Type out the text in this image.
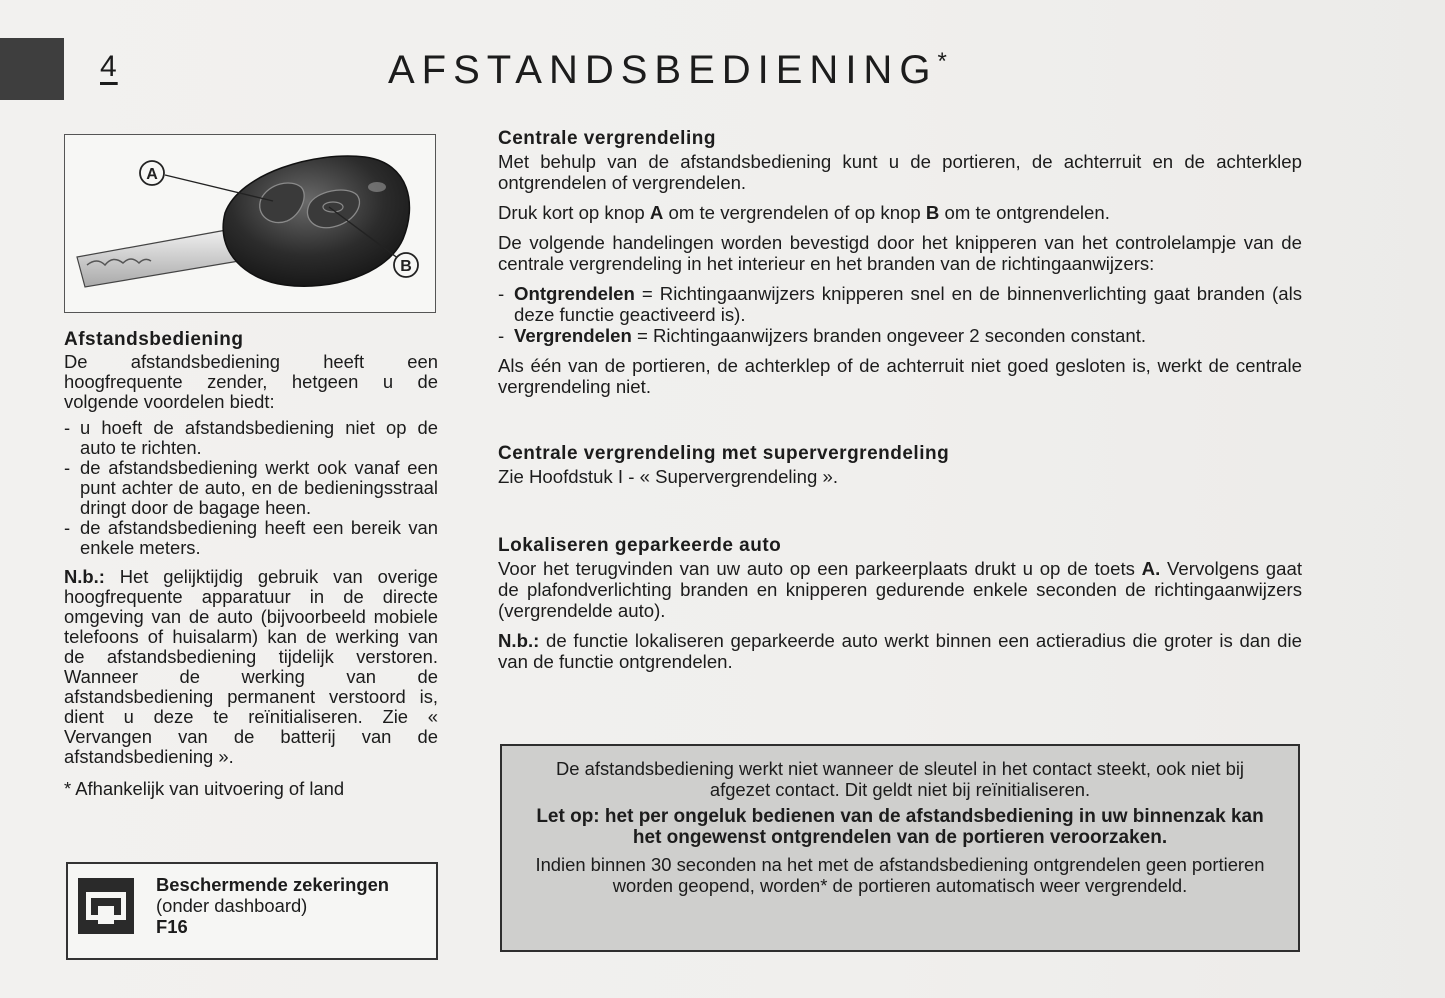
4	AFSTANDSBEDIENING*
A
B
Afstandsbediening

De afstandsbediening heeft een hoogfrequente zender, hetgeen u de volgende voordelen biedt:

- u hoeft de afstandsbediening niet op de auto te richten.
- de afstandsbediening werkt ook vanaf een punt achter de auto, en de bedieningsstraal dringt door de bagage heen.
- de afstandsbediening heeft een bereik van enkele meters.

N.b.: Het gelijktijdig gebruik van overige hoogfrequente apparatuur in de directe omgeving van de auto (bijvoorbeeld mobiele telefoons of huisalarm) kan de werking van de afstandsbediening tijdelijk verstoren. Wanneer de werking van de afstandsbediening permanent verstoord is, dient u deze te reïnitialiseren. Zie « Vervangen van de batterij van de afstandsbediening ».

* Afhankelijk van uitvoering of land

Beschermende zekeringen
(onder dashboard)
F16
Centrale vergrendeling

Met behulp van de afstandsbediening kunt u de portieren, de achterruit en de achterklep ontgrendelen of vergrendelen.

Druk kort op knop A om te vergrendelen of op knop B om te ontgrendelen.

De volgende handelingen worden bevestigd door het knipperen van het controlelampje van de centrale vergrendeling in het interieur en het branden van de richtingaanwijzers:

- Ontgrendelen = Richtingaanwijzers knipperen snel en de binnenverlichting gaat branden (als deze functie geactiveerd is).
- Vergrendelen = Richtingaanwijzers branden ongeveer 2 seconden constant.

Als één van de portieren, de achterklep of de achterruit niet goed gesloten is, werkt de centrale vergrendeling niet.

Centrale vergrendeling met supervergrendeling

Zie Hoofdstuk I - « Supervergrendeling ».

Lokaliseren geparkeerde auto

Voor het terugvinden van uw auto op een parkeerplaats drukt u op de toets A. Vervolgens gaat de plafondverlichting branden en knipperen gedurende enkele seconden de richtingaanwijzers (vergrendelde auto).

N.b.: de functie lokaliseren geparkeerde auto werkt binnen een actieradius die groter is dan die van de functie ontgrendelen.

De afstandsbediening werkt niet wanneer de sleutel in het contact steekt, ook niet bij afgezet contact. Dit geldt niet bij reïnitialiseren.

Let op: het per ongeluk bedienen van de afstandsbediening in uw binnenzak kan het ongewenst ontgrendelen van de portieren veroorzaken.

Indien binnen 30 seconden na het met de afstandsbediening ontgrendelen geen portieren worden geopend, worden* de portieren automatisch weer vergrendeld.
